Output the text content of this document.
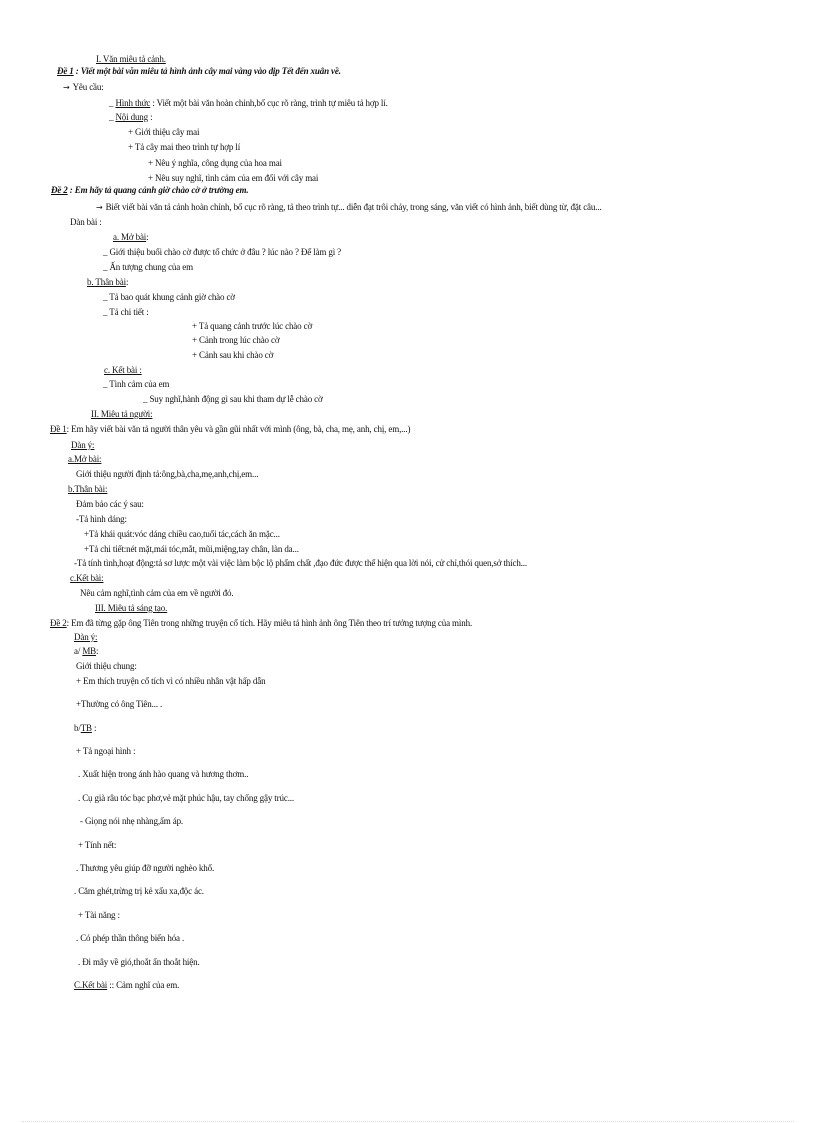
I. Văn miêu tả cảnh.
Đề 1 : Viết một bài văn miêu tả hình ảnh cây mai vàng vào dịp Tết đến xuân về.
→ Yêu cầu:
_ Hình thức : Viết một bài văn hoàn chỉnh,bố cục rõ ràng, trình tự miêu tả hợp lí.
_ Nội dung :
+ Giới thiệu cây mai
+ Tả cây mai theo trình tự hợp lí
+ Nêu ý nghĩa, công dụng của hoa mai
+ Nêu suy nghĩ, tình cảm của em đối với cây mai
Đề 2 : Em hãy tả quang cảnh giờ chào cờ ở trường em.
→ Biết viết bài văn tả cảnh hoàn chỉnh, bố cục rõ ràng, tả theo trình tự... diễn đạt trôi chảy, trong sáng, văn viết có hình ảnh, biết dùng từ, đặt câu...
Dàn bài :
a. Mở bài:
_ Giới thiệu buổi chào cờ được tổ chức ở đâu ? lúc nào ? Để làm gì ?
_ Ấn tượng chung của em
b. Thân bài:
_ Tả bao quát khung cảnh giờ chào cờ
_ Tả chi tiết :
+ Tả quang cảnh trước lúc chào cờ
+ Cảnh trong lúc chào cờ
+ Cảnh sau khi chào cờ
c. Kết bài :
_ Tình cảm của em
_ Suy nghĩ,hành động gì sau khi tham dự lễ chào cờ
II. Miêu tả người:
Đề 1: Em hãy viết bài văn tả người thân yêu và gần gũi nhất với mình (ông, bà, cha, mẹ, anh, chị, em,...)
Dàn ý:
a.Mở bài:
Giới thiệu người định tả:ông,bà,cha,mẹ,anh,chị,em...
b.Thân bài:
Đảm bảo các ý sau:
-Tả hình dáng:
+Tả khái quát:vóc dáng chiều cao,tuổi tác,cách ăn mặc...
+Tả chi tiết:nét mặt,mái tóc,mắt, mũi,miệng,tay chân, làn da...
-Tả tính tình,hoạt động:tả sơ lược một vài việc làm bộc lộ phẩm chất ,đạo đức được thể hiện qua lời nói, cử chỉ,thói quen,sở thích...
c.Kết bài:
Nêu cảm nghĩ,tình cảm của em về người đó.
III. Miêu tả sáng tạo.
Đề 2: Em đã từng gặp ông Tiên trong những truyện cổ tích. Hãy miêu tả hình ảnh ông Tiên theo trí tưởng tượng của mình.
Dàn ý:
a/ MB:
Giới thiệu chung:
+ Em thích truyện cổ tích vì có nhiều nhân vật hấp dẫn
+Thường có ông Tiên... .
b/TB :
+ Tả ngoại hình :
. Xuất hiện trong ánh hào quang và hương thơm..
. Cụ già râu tóc bạc phơ,vẻ mặt phúc hậu, tay chống gậy trúc...
- Giọng nói nhẹ nhàng,ấm áp.
+ Tính nết:
. Thương yêu giúp đỡ người nghèo khổ.
. Căm ghét,trừng trị kẻ xấu xa,độc ác.
+ Tài năng :
. Có phép thần thông biến hóa .
. Đi mây về gió,thoắt ẩn thoắt hiện.
C.Kết bài :: Cảm nghĩ của em.
